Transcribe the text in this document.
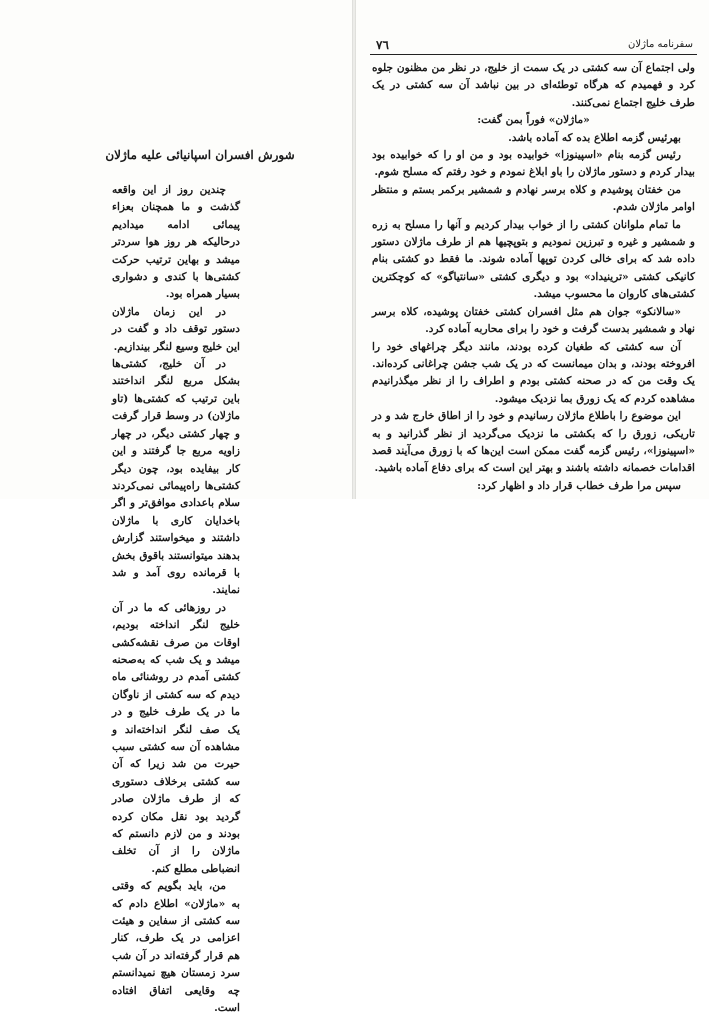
شورش افسران اسپانیائی علیه ماژلان

چندین روز از این واقعه گذشت و ما همچنان بعزاء پیمائی ادامه میدادیم درحالیکه هر روز هوا سردتر میشد و بهاین ترتیب حرکت کشتی‌ها با کندی و دشواری بسیار همراه بود.

در این زمان ماژلان دستور توقف داد و گفت در این خلیج وسیع لنگر بیندازیم.

در آن خلیج، کشتی‌ها بشکل مربع لنگر انداختند باین ترتیب که کشتی‌ها (تاو ماژلان) در وسط قرار گرفت و چهار کشتی دیگر، در چهار زاویه مربع جا گرفتند و این کار بیفایده بود، چون دیگر کشتی‌ها راه‌پیمائی نمی‌کردند سلام باعدادی موافق‌تر و اگر باخدایان کاری با ماژلان داشتند و میخواستند گزارش بدهند میتوانستند باقوق بخش با قرمانده روی آمد و شد نمایند.

در روزهائی که ما در آن خلیج لنگر انداخته بودیم، اوقات من صرف نقشه‌کشی میشد و یک شب که به‌صحنه کشتی آمدم در روشنائی ماه دیدم که سه کشتی از ناوگان ما در یک طرف خلیج و در یک صف لنگر انداخته‌اند و مشاهده آن سه کشتی سبب حیرت من شد زیرا که آن سه کشتی برخلاف دستوری که از طرف ماژلان صادر گردید بود نقل مکان کرده بودند و من لازم دانستم که ماژلان را از آن تخلف انضباطی مطلع کنم.

من، باید بگویم که وقتی به «ماژلان» اطلاع دادم که سه کشتی از سفاین و هیئت اعزامی در یک طرف، کنار هم قرار گرفته‌اند در آن شب سرد زمستان هیچ نمیدانستم چه وقایعی اتفاق افتاده است.

٧٦	سفرنامه ماژلان

ولی اجتماع آن سه کشتی در یک سمت از خلیج، در نظر من مظنون جلوه کرد و فهمیدم که هرگاه توطئه‌ای در بین نباشد آن سه کشتی در یک طرف خلیج اجتماع نمی‌کنند.

«ماژلان» فوراً بمن گفت:

بهرئیس گزمه اطلاع بده که آماده باشد.

رئیس گزمه بنام «اسپینوزا» خوابیده بود و من او را که خوابیده بود بیدار کردم و دستور ماژلان را باو ابلاغ نمودم و خود رفتم که مسلح شوم.

من خفتان پوشیدم و کلاه برسر نهادم و شمشیر برکمر بستم و منتظر اوامر ماژلان شدم.

ما تمام ملوانان کشتی را از خواب بیدار کردیم و آنها را مسلح به زره و شمشیر و غیره و تبرزین نمودیم و بتوپچیها هم از طرف ماژلان دستور داده شد که برای خالی کردن توپها آماده شوند. ما فقط دو کشتی بنام کانیکی کشتی «ترینیداد» بود و دیگری کشتی «سانتیاگو» که کوچکترین کشتی‌های کاروان ما محسوب میشد.

«سالانکو» جوان هم مثل افسران کشتی خفتان پوشیده، کلاه برسر نهاد و شمشیر بدست گرفت و خود را برای محاربه آماده کرد.

آن سه کشتی که طغیان کرده بودند، مانند دیگر چراغهای خود را افروخته بودند، و بدان میمانست که در یک شب جشن چراغانی کرده‌اند. یک وقت من که در صحنه کشتی بودم و اطراف را از نظر میگذرانیدم مشاهده کردم که یک زورق بما نزدیک میشود.

این موضوع را باطلاع ماژلان رسانیدم و خود را از اطاق خارج شد و در تاریکی، زورق را که بکشتی ما نزدیک می‌گردید از نظر گذرانید و به «اسپینوزا»، رئیس گزمه گفت ممکن است این‌ها که با زورق می‌آیند قصد اقدامات خصمانه داشته باشند و بهتر این است که برای دفاع آماده باشید.

سپس مرا طرف خطاب قرار داد و اظهار کرد:
